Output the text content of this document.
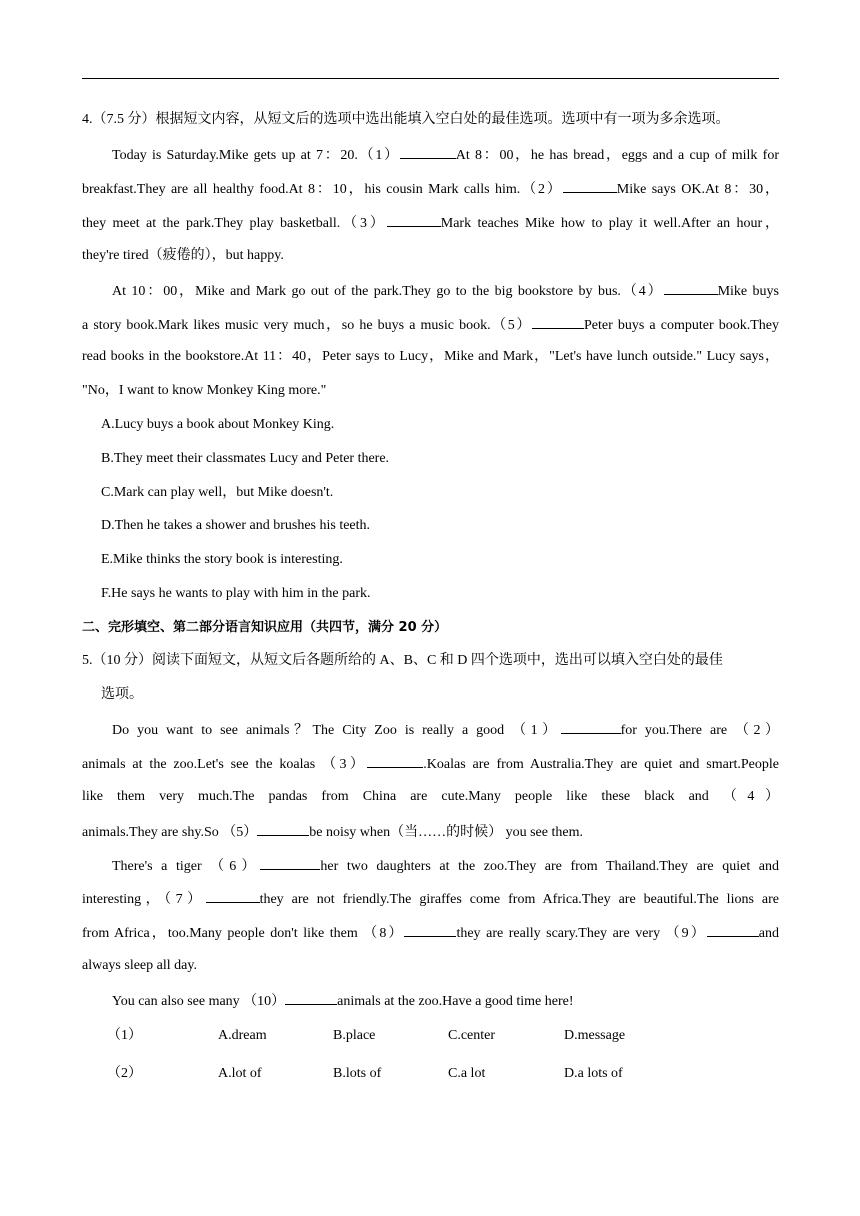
4.（7.5 分）根据短文内容，从短文后的选项中选出能填入空白处的最佳选项。选项中有一项为多余选项。
Today is Saturday.Mike gets up at 7：20.（1）	At 8：00，he has bread，eggs and a cup of milk for
breakfast.They are all healthy food.At 8：10，his cousin Mark calls him.（2）	Mike says OK.At 8：30，
they meet at the park.They play basketball.（3）	Mark teaches Mike how to play it well.After an hour，
they're tired（疲倦的），but happy.
At 10：00，Mike and Mark go out of the park.They go to the big bookstore by bus.（4）	Mike buys
a story book.Mark likes music very much，so he buys a music book.（5）	Peter buys a computer book.They
read books in the bookstore.At 11：40，Peter says to Lucy，Mike and Mark，"Let's have lunch outside." Lucy says，
"No，I want to know Monkey King more."
A.Lucy buys a book about Monkey King.
B.They meet their classmates Lucy and Peter there.
C.Mark can play well，but Mike doesn't.
D.Then he takes a shower and brushes his teeth.
E.Mike thinks the story book is interesting.
F.He says he wants to play with him in the park.
二、完形填空、第二部分语言知识应用（共四节，满分 20 分）
5.（10 分）阅读下面短文，从短文后各题所给的 A、B、C 和 D 四个选项中，选出可以填入空白处的最佳
选项。
Do you want to see animals？The City Zoo is really a good （1）	for you.There are （2）
animals at the zoo.Let's see the koalas （3）	.Koalas are from Australia.They are quiet and smart.People
like them very much.The pandas from China are cute.Many people like these black and （4）
animals.They are shy.So （5）	be noisy when（当……的时候） you see them.
There's a tiger （6）	her two daughters at the zoo.They are from Thailand.They are quiet and
interesting，（7）	they are not friendly.The giraffes come from Africa.They are beautiful.The lions are
from Africa，too.Many people don't like them （8）	they are really scary.They are very （9）	and
always sleep all day.
You can also see many （10）	animals at the zoo.Have a good time here!
（1）	A.dream	B.place	C.center	D.message
（2）	A.lot of	B.lots of	C.a lot	D.a lots of
